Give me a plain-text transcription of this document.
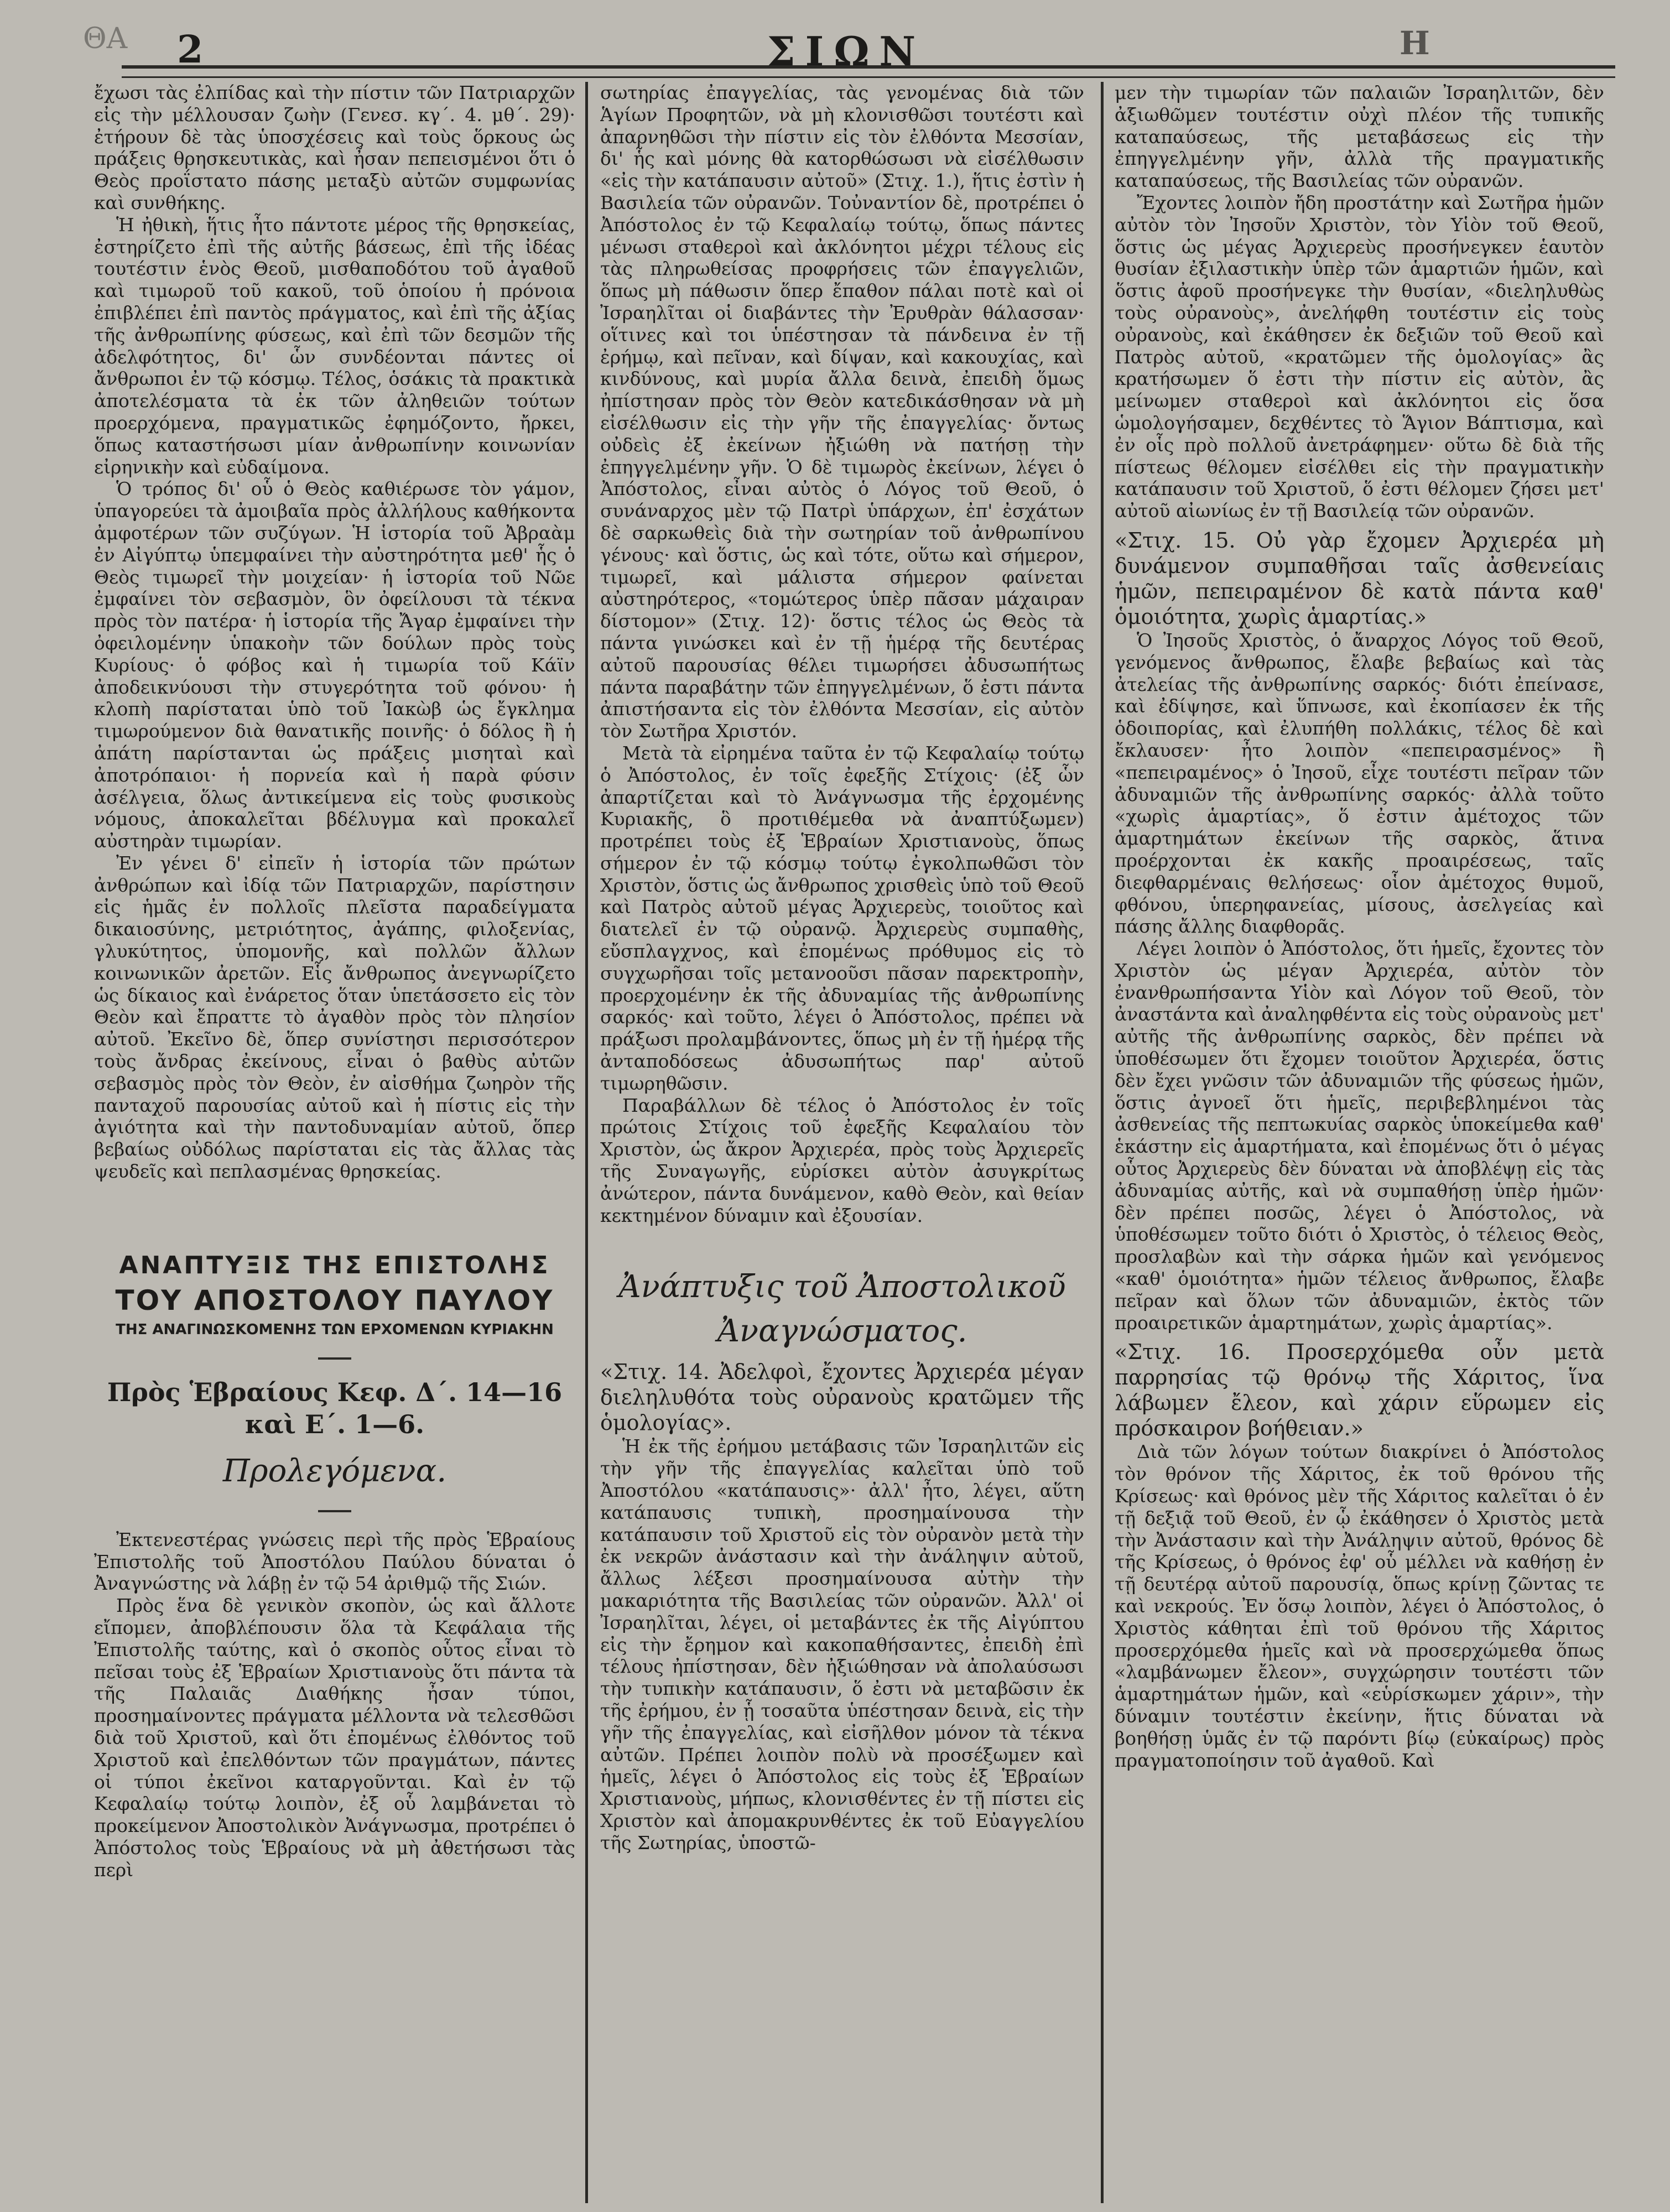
ΘΑ 2	ΣΙΩΝ	Η

ἔχωσι τὰς ἐλπίδας καὶ τὴν πίστιν τῶν Πατριαρχῶν εἰς τὴν μέλλουσαν ζωὴν (Γενεσ. κγ΄. 4. μθ΄. 29)· ἐτήρουν δὲ τὰς ὑποσχέσεις καὶ τοὺς ὅρκους ὡς πράξεις θρησκευτικὰς, καὶ ἦσαν πεπεισμένοι ὅτι ὁ Θεὸς προΐστατο πάσης μεταξὺ αὐτῶν συμφωνίας καὶ συνθήκης.

Ἡ ἠθικὴ, ἥτις ἦτο πάντοτε μέρος τῆς θρησκείας, ἐστηρίζετο ἐπὶ τῆς αὐτῆς βάσεως, ἐπὶ τῆς ἰδέας τουτέστιν ἑνὸς Θεοῦ, μισθαποδότου τοῦ ἀγαθοῦ καὶ τιμωροῦ τοῦ κακοῦ, τοῦ ὁποίου ἡ πρόνοια ἐπιβλέπει ἐπὶ παντὸς πράγματος, καὶ ἐπὶ τῆς ἀξίας τῆς ἀνθρωπίνης φύσεως, καὶ ἐπὶ τῶν δεσμῶν τῆς ἀδελφότητος, δι' ὧν συνδέονται πάντες οἱ ἄνθρωποι ἐν τῷ κόσμῳ. Τέλος, ὁσάκις τὰ πρακτικὰ ἀποτελέσματα τὰ ἐκ τῶν ἀληθειῶν τούτων προερχόμενα, πραγματικῶς ἐφημόζοντο, ἤρκει, ὅπως καταστήσωσι μίαν ἀνθρωπίνην κοινωνίαν εἰρηνικὴν καὶ εὐδαίμονα.

Ὁ τρόπος δι' οὗ ὁ Θεὸς καθιέρωσε τὸν γάμον, ὑπαγορεύει τὰ ἀμοιβαῖα πρὸς ἀλλήλους καθήκοντα ἀμφοτέρων τῶν συζύγων. Ἡ ἱστορία τοῦ Ἀβραὰμ ἐν Αἰγύπτῳ ὑπεμφαίνει τὴν αὐστηρότητα μεθ' ἧς ὁ Θεὸς τιμωρεῖ τὴν μοιχείαν· ἡ ἱστορία τοῦ Νῶε ἐμφαίνει τὸν σεβασμὸν, ὃν ὀφείλουσι τὰ τέκνα πρὸς τὸν πατέρα· ἡ ἱστορία τῆς Ἄγαρ ἐμφαίνει τὴν ὀφειλομένην ὑπακοὴν τῶν δούλων πρὸς τοὺς Κυρίους· ὁ φόβος καὶ ἡ τιμωρία τοῦ Κάϊν ἀποδεικνύουσι τὴν στυγερότητα τοῦ φόνου· ἡ κλοπὴ παρίσταται ὑπὸ τοῦ Ἰακὼβ ὡς ἔγκλημα τιμωρούμενον διὰ θανατικῆς ποινῆς· ὁ δόλος ἢ ἡ ἀπάτη παρίστανται ὡς πράξεις μισηταὶ καὶ ἀποτρόπαιοι· ἡ πορνεία καὶ ἡ παρὰ φύσιν ἀσέλγεια, ὅλως ἀντικείμενα εἰς τοὺς φυσικοὺς νόμους, ἀποκαλεῖται βδέλυγμα καὶ προκαλεῖ αὐστηρὰν τιμωρίαν.

Ἐν γένει δ' εἰπεῖν ἡ ἱστορία τῶν πρώτων ἀνθρώπων καὶ ἰδίᾳ τῶν Πατριαρχῶν, παρίστησιν εἰς ἡμᾶς ἐν πολλοῖς πλεῖστα παραδείγματα δικαιοσύνης, μετριότητος, ἀγάπης, φιλοξενίας, γλυκύτητος, ὑπομονῆς, καὶ πολλῶν ἄλλων κοινωνικῶν ἀρετῶν. Εἷς ἄνθρωπος ἀνεγνωρίζετο ὡς δίκαιος καὶ ἐνάρετος ὅταν ὑπετάσσετο εἰς τὸν Θεὸν καὶ ἔπραττε τὸ ἀγαθὸν πρὸς τὸν πλησίον αὐτοῦ. Ἐκεῖνο δὲ, ὅπερ συνίστησι περισσότερον τοὺς ἄνδρας ἐκείνους, εἶναι ὁ βαθὺς αὐτῶν σεβασμὸς πρὸς τὸν Θεὸν, ἐν αἰσθήμα ζωηρὸν τῆς πανταχοῦ παρουσίας αὐτοῦ καὶ ἡ πίστις εἰς τὴν ἀγιότητα καὶ τὴν παντοδυναμίαν αὐτοῦ, ὅπερ βεβαίως οὐδόλως παρίσταται εἰς τὰς ἄλλας τὰς ψευδεῖς καὶ πεπλασμένας θρησκείας.

ΑΝΑΠΤΥΞΙΣ ΤΗΣ ΕΠΙΣΤΟΛΗΣ
ΤΟΥ ΑΠΟΣΤΟΛΟΥ ΠΑΥΛΟΥ
ΤΗΣ ΑΝΑΓΙΝΩΣΚΟΜΕΝΗΣ ΤΩΝ ΕΡΧΟΜΕΝΩΝ ΚΥΡΙΑΚΗΝ
Πρὸς Ἑβραίους Κεφ. Δ΄. 14—16 καὶ Ε΄. 1—6.
Προλεγόμενα.

Ἐκτενεστέρας γνώσεις περὶ τῆς πρὸς Ἑβραίους Ἐπιστολῆς τοῦ Ἀποστόλου Παύλου δύναται ὁ Ἀναγνώστης νὰ λάβῃ ἐν τῷ 54 ἀριθμῷ τῆς Σιών.

Πρὸς ἕνα δὲ γενικὸν σκοπὸν, ὡς καὶ ἄλλοτε εἴπομεν, ἀποβλέπουσιν ὅλα τὰ Κεφάλαια τῆς Ἐπιστολῆς ταύτης, καὶ ὁ σκοπὸς οὗτος εἶναι τὸ πεῖσαι τοὺς ἐξ Ἑβραίων Χριστιανοὺς ὅτι πάντα τὰ τῆς Παλαιᾶς Διαθήκης ἦσαν τύποι, προσημαίνοντες πράγματα μέλλοντα νὰ τελεσθῶσι διὰ τοῦ Χριστοῦ, καὶ ὅτι ἐπομένως ἐλθόντος τοῦ Χριστοῦ καὶ ἐπελθόντων τῶν πραγμάτων, πάντες οἱ τύποι ἐκεῖνοι καταργοῦνται. Καὶ ἐν τῷ Κεφαλαίῳ τούτῳ λοιπὸν, ἐξ οὗ λαμβάνεται τὸ προκείμενον Ἀποστολικὸν Ἀνάγνωσμα, προτρέπει ὁ Ἀπόστολος τοὺς Ἑβραίους νὰ μὴ ἀθετήσωσι τὰς περὶ

σωτηρίας ἐπαγγελίας, τὰς γενομένας διὰ τῶν Ἁγίων Προφητῶν, νὰ μὴ κλονισθῶσι τουτέστι καὶ ἀπαρνηθῶσι τὴν πίστιν εἰς τὸν ἐλθόντα Μεσσίαν, δι' ἧς καὶ μόνης θὰ κατορθώσωσι νὰ εἰσέλθωσιν «εἰς τὴν κατάπαυσιν αὐτοῦ» (Στιχ. 1.), ἥτις ἐστὶν ἡ Βασιλεία τῶν οὐρανῶν. Τοὐναντίον δὲ, προτρέπει ὁ Ἀπόστολος ἐν τῷ Κεφαλαίῳ τούτῳ, ὅπως πάντες μένωσι σταθεροὶ καὶ ἀκλόνητοι μέχρι τέλους εἰς τὰς πληρωθείσας προφρήσεις τῶν ἐπαγγελιῶν, ὅπως μὴ πάθωσιν ὅπερ ἔπαθον πάλαι ποτὲ καὶ οἱ Ἰσραηλῖται οἱ διαβάντες τὴν Ἐρυθρὰν θάλασσαν· οἵτινες καὶ τοι ὑπέστησαν τὰ πάνδεινα ἐν τῇ ἐρήμῳ, καὶ πεῖναν, καὶ δίψαν, καὶ κακουχίας, καὶ κινδύνους, καὶ μυρία ἄλλα δεινὰ, ἐπειδὴ ὅμως ἠπίστησαν πρὸς τὸν Θεὸν κατεδικάσθησαν νὰ μὴ εἰσέλθωσιν εἰς τὴν γῆν τῆς ἐπαγγελίας· ὄντως οὐδεὶς ἐξ ἐκείνων ἠξιώθη νὰ πατήσῃ τὴν ἐπηγγελμένην γῆν. Ὁ δὲ τιμωρὸς ἐκείνων, λέγει ὁ Ἀπόστολος, εἶναι αὐτὸς ὁ Λόγος τοῦ Θεοῦ, ὁ συνάναρχος μὲν τῷ Πατρὶ ὑπάρχων, ἐπ' ἐσχάτων δὲ σαρκωθεὶς διὰ τὴν σωτηρίαν τοῦ ἀνθρωπίνου γένους· καὶ ὅστις, ὡς καὶ τότε, οὕτω καὶ σήμερον, τιμωρεῖ, καὶ μάλιστα σήμερον φαίνεται αὐστηρότερος, «τομώτερος ὑπὲρ πᾶσαν μάχαιραν δίστομον» (Στιχ. 12)· ὅστις τέλος ὡς Θεὸς τὰ πάντα γινώσκει καὶ ἐν τῇ ἡμέρᾳ τῆς δευτέρας αὐτοῦ παρουσίας θέλει τιμωρήσει ἀδυσωπήτως πάντα παραβάτην τῶν ἐπηγγελμένων, ὅ ἐστι πάντα ἀπιστήσαντα εἰς τὸν ἐλθόντα Μεσσίαν, εἰς αὐτὸν τὸν Σωτῆρα Χριστόν.

Μετὰ τὰ εἰρημένα ταῦτα ἐν τῷ Κεφαλαίῳ τούτῳ ὁ Ἀπόστολος, ἐν τοῖς ἐφεξῆς Στίχοις· (ἐξ ὧν ἀπαρτίζεται καὶ τὸ Ἀνάγνωσμα τῆς ἐρχομένης Κυριακῆς, ὃ προτιθέμεθα νὰ ἀναπτύξωμεν) προτρέπει τοὺς ἐξ Ἑβραίων Χριστιανοὺς, ὅπως σήμερον ἐν τῷ κόσμῳ τούτῳ ἐγκολπωθῶσι τὸν Χριστὸν, ὅστις ὡς ἄνθρωπος χρισθεὶς ὑπὸ τοῦ Θεοῦ καὶ Πατρὸς αὐτοῦ μέγας Ἀρχιερεὺς, τοιοῦτος καὶ διατελεῖ ἐν τῷ οὐρανῷ. Ἀρχιερεὺς συμπαθὴς, εὔσπλαγχνος, καὶ ἐπομένως πρόθυμος εἰς τὸ συγχωρῆσαι τοῖς μετανοοῦσι πᾶσαν παρεκτροπὴν, προερχομένην ἐκ τῆς ἀδυναμίας τῆς ἀνθρωπίνης σαρκός· καὶ τοῦτο, λέγει ὁ Ἀπόστολος, πρέπει νὰ πράξωσι προλαμβάνοντες, ὅπως μὴ ἐν τῇ ἡμέρᾳ τῆς ἀνταποδόσεως ἀδυσωπήτως παρ' αὐτοῦ τιμωρηθῶσιν.

Παραβάλλων δὲ τέλος ὁ Ἀπόστολος ἐν τοῖς πρώτοις Στίχοις τοῦ ἐφεξῆς Κεφαλαίου τὸν Χριστὸν, ὡς ἄκρον Ἀρχιερέα, πρὸς τοὺς Ἀρχιερεῖς τῆς Συναγωγῆς, εὑρίσκει αὐτὸν ἀσυγκρίτως ἀνώτερον, πάντα δυνάμενον, καθὸ Θεὸν, καὶ θείαν κεκτημένον δύναμιν καὶ ἐξουσίαν.

Ἀνάπτυξις τοῦ Ἀποστολικοῦ Ἀναγνώσματος.

«Στιχ. 14. Ἀδελφοὶ, ἔχοντες Ἀρχιερέα μέγαν διεληλυθότα τοὺς οὐρανοὺς κρατῶμεν τῆς ὁμολογίας».

Ἡ ἐκ τῆς ἐρήμου μετάβασις τῶν Ἰσραηλιτῶν εἰς τὴν γῆν τῆς ἐπαγγελίας καλεῖται ὑπὸ τοῦ Ἀποστόλου «κατάπαυσις»· ἀλλ' ἦτο, λέγει, αὕτη κατάπαυσις τυπικὴ, προσημαίνουσα τὴν κατάπαυσιν τοῦ Χριστοῦ εἰς τὸν οὐρανὸν μετὰ τὴν ἐκ νεκρῶν ἀνάστασιν καὶ τὴν ἀνάληψιν αὐτοῦ, ἄλλως λέξεσι προσημαίνουσα αὐτὴν τὴν μακαριότητα τῆς Βασιλείας τῶν οὐρανῶν. Ἀλλ' οἱ Ἰσραηλῖται, λέγει, οἱ μεταβάντες ἐκ τῆς Αἰγύπτου εἰς τὴν ἔρημον καὶ κακοπαθήσαντες, ἐπειδὴ ἐπὶ τέλους ἠπίστησαν, δὲν ἠξιώθησαν νὰ ἀπολαύσωσι τὴν τυπικὴν κατάπαυσιν, ὅ ἐστι νὰ μεταβῶσιν ἐκ τῆς ἐρήμου, ἐν ᾗ τοσαῦτα ὑπέστησαν δεινὰ, εἰς τὴν γῆν τῆς ἐπαγγελίας, καὶ εἰσῆλθον μόνον τὰ τέκνα αὐτῶν. Πρέπει λοιπὸν πολὺ νὰ προσέξωμεν καὶ ἡμεῖς, λέγει ὁ Ἀπόστολος εἰς τοὺς ἐξ Ἑβραίων Χριστιανοὺς, μήπως, κλονισθέντες ἐν τῇ πίστει εἰς Χριστὸν καὶ ἀπομακρυνθέντες ἐκ τοῦ Εὐαγγελίου τῆς Σωτηρίας, ὑποστῶ-

μεν τὴν τιμωρίαν τῶν παλαιῶν Ἰσραηλιτῶν, δὲν ἀξιωθῶμεν τουτέστιν οὐχὶ πλέον τῆς τυπικῆς καταπαύσεως, τῆς μεταβάσεως εἰς τὴν ἐπηγγελμένην γῆν, ἀλλὰ τῆς πραγματικῆς καταπαύσεως, τῆς Βασιλείας τῶν οὐρανῶν.

Ἔχοντες λοιπὸν ἤδη προστάτην καὶ Σωτῆρα ἡμῶν αὐτὸν τὸν Ἰησοῦν Χριστὸν, τὸν Υἱὸν τοῦ Θεοῦ, ὅστις ὡς μέγας Ἀρχιερεὺς προσήνεγκεν ἑαυτὸν θυσίαν ἐξιλαστικὴν ὑπὲρ τῶν ἁμαρτιῶν ἡμῶν, καὶ ὅστις ἀφοῦ προσήνεγκε τὴν θυσίαν, «διεληλυθὼς τοὺς οὐρανοὺς», ἀνελήφθη τουτέστιν εἰς τοὺς οὐρανοὺς, καὶ ἐκάθησεν ἐκ δεξιῶν τοῦ Θεοῦ καὶ Πατρὸς αὐτοῦ, «κρατῶμεν τῆς ὁμολογίας» ἂς κρατήσωμεν ὅ ἐστι τὴν πίστιν εἰς αὐτὸν, ἂς μείνωμεν σταθεροὶ καὶ ἀκλόνητοι εἰς ὅσα ὡμολογήσαμεν, δεχθέντες τὸ Ἅγιον Βάπτισμα, καὶ ἐν οἷς πρὸ πολλοῦ ἀνετράφημεν· οὕτω δὲ διὰ τῆς πίστεως θέλομεν εἰσέλθει εἰς τὴν πραγματικὴν κατάπαυσιν τοῦ Χριστοῦ, ὅ ἐστι θέλομεν ζήσει μετ' αὐτοῦ αἰωνίως ἐν τῇ Βασιλείᾳ τῶν οὐρανῶν.

«Στιχ. 15. Οὐ γὰρ ἔχομεν Ἀρχιερέα μὴ δυνάμενον συμπαθῆσαι ταῖς ἀσθενείαις ἡμῶν, πεπειραμένον δὲ κατὰ πάντα καθ' ὁμοιότητα, χωρὶς ἁμαρτίας.»

Ὁ Ἰησοῦς Χριστὸς, ὁ ἄναρχος Λόγος τοῦ Θεοῦ, γενόμενος ἄνθρωπος, ἔλαβε βεβαίως καὶ τὰς ἀτελείας τῆς ἀνθρωπίνης σαρκός· διότι ἐπείνασε, καὶ ἐδίψησε, καὶ ὕπνωσε, καὶ ἐκοπίασεν ἐκ τῆς ὁδοιπορίας, καὶ ἐλυπήθη πολλάκις, τέλος δὲ καὶ ἔκλαυσεν· ἦτο λοιπὸν «πεπειρασμένος» ἢ «πεπειραμένος» ὁ Ἰησοῦ, εἶχε τουτέστι πεῖραν τῶν ἀδυναμιῶν τῆς ἀνθρωπίνης σαρκός· ἀλλὰ τοῦτο «χωρὶς ἁμαρτίας», ὅ ἐστιν ἀμέτοχος τῶν ἁμαρτημάτων ἐκείνων τῆς σαρκὸς, ἅτινα προέρχονται ἐκ κακῆς προαιρέσεως, ταῖς διεφθαρμέναις θελήσεως· οἷον ἀμέτοχος θυμοῦ, φθόνου, ὑπερηφανείας, μίσους, ἀσελγείας καὶ πάσης ἄλλης διαφθορᾶς.

Λέγει λοιπὸν ὁ Ἀπόστολος, ὅτι ἡμεῖς, ἔχοντες τὸν Χριστὸν ὡς μέγαν Ἀρχιερέα, αὐτὸν τὸν ἐνανθρωπήσαντα Υἱὸν καὶ Λόγον τοῦ Θεοῦ, τὸν ἀναστάντα καὶ ἀναληφθέντα εἰς τοὺς οὐρανοὺς μετ' αὐτῆς τῆς ἀνθρωπίνης σαρκὸς, δὲν πρέπει νὰ ὑποθέσωμεν ὅτι ἔχομεν τοιοῦτον Ἀρχιερέα, ὅστις δὲν ἔχει γνῶσιν τῶν ἀδυναμιῶν τῆς φύσεως ἡμῶν, ὅστις ἀγνοεῖ ὅτι ἡμεῖς, περιβεβλημένοι τὰς ἀσθενείας τῆς πεπτωκυίας σαρκὸς ὑποκείμεθα καθ' ἑκάστην εἰς ἁμαρτήματα, καὶ ἐπομένως ὅτι ὁ μέγας οὗτος Ἀρχιερεὺς δὲν δύναται νὰ ἀποβλέψῃ εἰς τὰς ἀδυναμίας αὐτῆς, καὶ νὰ συμπαθήσῃ ὑπὲρ ἡμῶν· δὲν πρέπει ποσῶς, λέγει ὁ Ἀπόστολος, νὰ ὑποθέσωμεν τοῦτο διότι ὁ Χριστὸς, ὁ τέλειος Θεὸς, προσλαβὼν καὶ τὴν σάρκα ἡμῶν καὶ γενόμενος «καθ' ὁμοιότητα» ἡμῶν τέλειος ἄνθρωπος, ἔλαβε πεῖραν καὶ ὅλων τῶν ἀδυναμιῶν, ἐκτὸς τῶν προαιρετικῶν ἁμαρτημάτων, χωρὶς ἁμαρτίας».

«Στιχ. 16. Προσερχόμεθα οὖν μετὰ παρρησίας τῷ θρόνῳ τῆς Χάριτος, ἵνα λάβωμεν ἔλεον, καὶ χάριν εὕρωμεν εἰς πρόσκαιρον βοήθειαν.»

Διὰ τῶν λόγων τούτων διακρίνει ὁ Ἀπόστολος τὸν θρόνον τῆς Χάριτος, ἐκ τοῦ θρόνου τῆς Κρίσεως· καὶ θρόνος μὲν τῆς Χάριτος καλεῖται ὁ ἐν τῇ δεξιᾷ τοῦ Θεοῦ, ἐν ᾧ ἐκάθησεν ὁ Χριστὸς μετὰ τὴν Ἀνάστασιν καὶ τὴν Ἀνάληψιν αὐτοῦ, θρόνος δὲ τῆς Κρίσεως, ὁ θρόνος ἐφ' οὗ μέλλει νὰ καθήσῃ ἐν τῇ δευτέρᾳ αὐτοῦ παρουσίᾳ, ὅπως κρίνῃ ζῶντας τε καὶ νεκρούς. Ἐν ὅσῳ λοιπὸν, λέγει ὁ Ἀπόστολος, ὁ Χριστὸς κάθηται ἐπὶ τοῦ θρόνου τῆς Χάριτος προσερχόμεθα ἡμεῖς καὶ νὰ προσερχώμεθα ὅπως «λαμβάνωμεν ἔλεον», συγχώρησιν τουτέστι τῶν ἁμαρτημάτων ἡμῶν, καὶ «εὑρίσκωμεν χάριν», τὴν δύναμιν τουτέστιν ἐκείνην, ἥτις δύναται νὰ βοηθήσῃ ὑμᾶς ἐν τῷ παρόντι βίῳ (εὐκαίρως) πρὸς πραγματοποίησιν τοῦ ἀγαθοῦ. Καὶ
